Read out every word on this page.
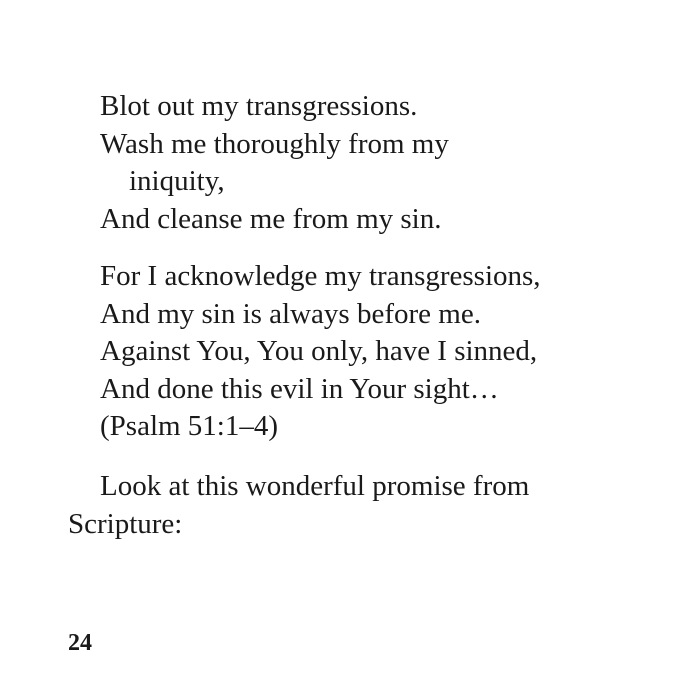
Blot out my transgressions.
Wash me thoroughly from my
iniquity,
And cleanse me from my sin.
For I acknowledge my transgressions,
And my sin is always before me.
Against You, You only, have I sinned,
And done this evil in Your sight…
(Psalm 51:1–4)
Look at this wonderful promise from
Scripture:
24
